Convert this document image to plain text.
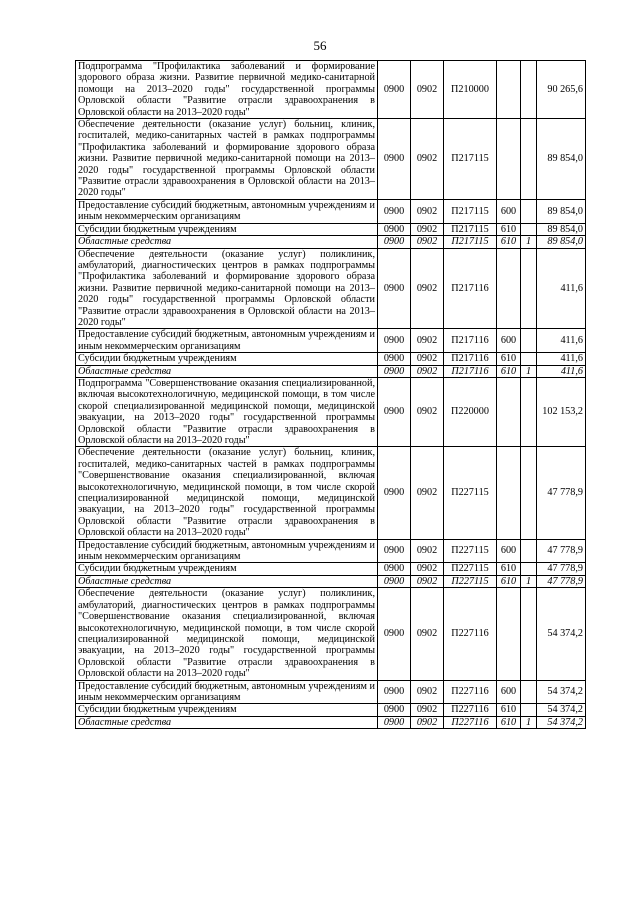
56
Подпрограмма "Профилактика заболеваний и формирование здорового образа жизни. Развитие первичной медико-санитарной помощи на 2013–2020 годы" государственной программы Орловской области "Развитие отрасли здравоохранения в Орловской области на 2013–2020 годы"	0900	0902	П210000			90 265,6
Обеспечение деятельности (оказание услуг) больниц, клиник, госпиталей, медико-санитарных частей в рамках подпрограммы "Профилактика заболеваний и формирование здорового образа жизни. Развитие первичной медико-санитарной помощи на 2013–2020 годы" государственной программы Орловской области "Развитие отрасли здравоохранения в Орловской области на 2013–2020 годы"	0900	0902	П217115			89 854,0
Предоставление субсидий бюджетным, автономным учреждениям и иным некоммерческим организациям	0900	0902	П217115	600		89 854,0
Субсидии бюджетным учреждениям	0900	0902	П217115	610		89 854,0
Областные средства	0900	0902	П217115	610	1	89 854,0
Обеспечение деятельности (оказание услуг) поликлиник, амбулаторий, диагностических центров в рамках подпрограммы "Профилактика заболеваний и формирование здорового образа жизни. Развитие первичной медико-санитарной помощи на 2013–2020 годы" государственной программы Орловской области "Развитие отрасли здравоохранения в Орловской области на 2013–2020 годы"	0900	0902	П217116			411,6
Предоставление субсидий бюджетным, автономным учреждениям и иным некоммерческим организациям	0900	0902	П217116	600		411,6
Субсидии бюджетным учреждениям	0900	0902	П217116	610		411,6
Областные средства	0900	0902	П217116	610	1	411,6
Подпрограмма "Совершенствование оказания специализированной, включая высокотехнологичную, медицинской помощи, в том числе скорой специализированной медицинской помощи, медицинской эвакуации, на 2013–2020 годы" государственной программы Орловской области "Развитие отрасли здравоохранения в Орловской области на 2013–2020 годы"	0900	0902	П220000			102 153,2
Обеспечение деятельности (оказание услуг) больниц, клиник, госпиталей, медико-санитарных частей в рамках подпрограммы "Совершенствование оказания специализированной, включая высокотехнологичную, медицинской помощи, в том числе скорой специализированной медицинской помощи, медицинской эвакуации, на 2013–2020 годы" государственной программы Орловской области "Развитие отрасли здравоохранения в Орловской области на 2013–2020 годы"	0900	0902	П227115			47 778,9
Предоставление субсидий бюджетным, автономным учреждениям и иным некоммерческим организациям	0900	0902	П227115	600		47 778,9
Субсидии бюджетным учреждениям	0900	0902	П227115	610		47 778,9
Областные средства	0900	0902	П227115	610	1	47 778,9
Обеспечение деятельности (оказание услуг) поликлиник, амбулаторий, диагностических центров в рамках подпрограммы "Совершенствование оказания специализированной, включая высокотехнологичную, медицинской помощи, в том числе скорой специализированной медицинской помощи, медицинской эвакуации, на 2013–2020 годы" государственной программы Орловской области "Развитие отрасли здравоохранения в Орловской области на 2013–2020 годы"	0900	0902	П227116			54 374,2
Предоставление субсидий бюджетным, автономным учреждениям и иным некоммерческим организациям	0900	0902	П227116	600		54 374,2
Субсидии бюджетным учреждениям	0900	0902	П227116	610		54 374,2
Областные средства	0900	0902	П227116	610	1	54 374,2
